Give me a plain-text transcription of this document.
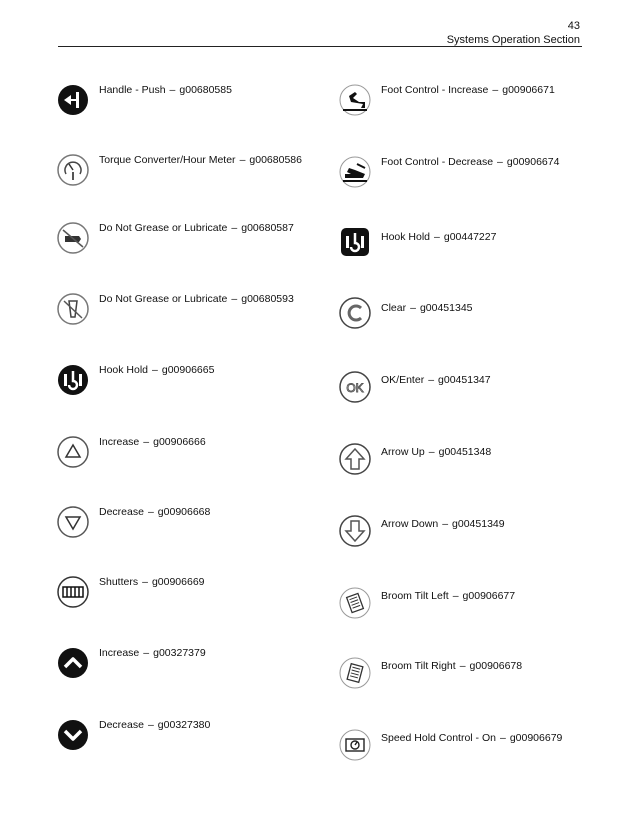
43
Systems Operation Section
Handle - Push – g00680585
Torque Converter/Hour Meter – g00680586
Do Not Grease or Lubricate – g00680587
Do Not Grease or Lubricate – g00680593
Hook Hold – g00906665
Increase – g00906666
Decrease – g00906668
Shutters – g00906669
Increase – g00327379
Decrease – g00327380
Foot Control - Increase – g00906671
Foot Control - Decrease – g00906674
Hook Hold – g00447227
Clear – g00451345
OK
OK/Enter – g00451347
Arrow Up – g00451348
Arrow Down – g00451349
Broom Tilt Left – g00906677
Broom Tilt Right – g00906678
Speed Hold Control - On – g00906679
